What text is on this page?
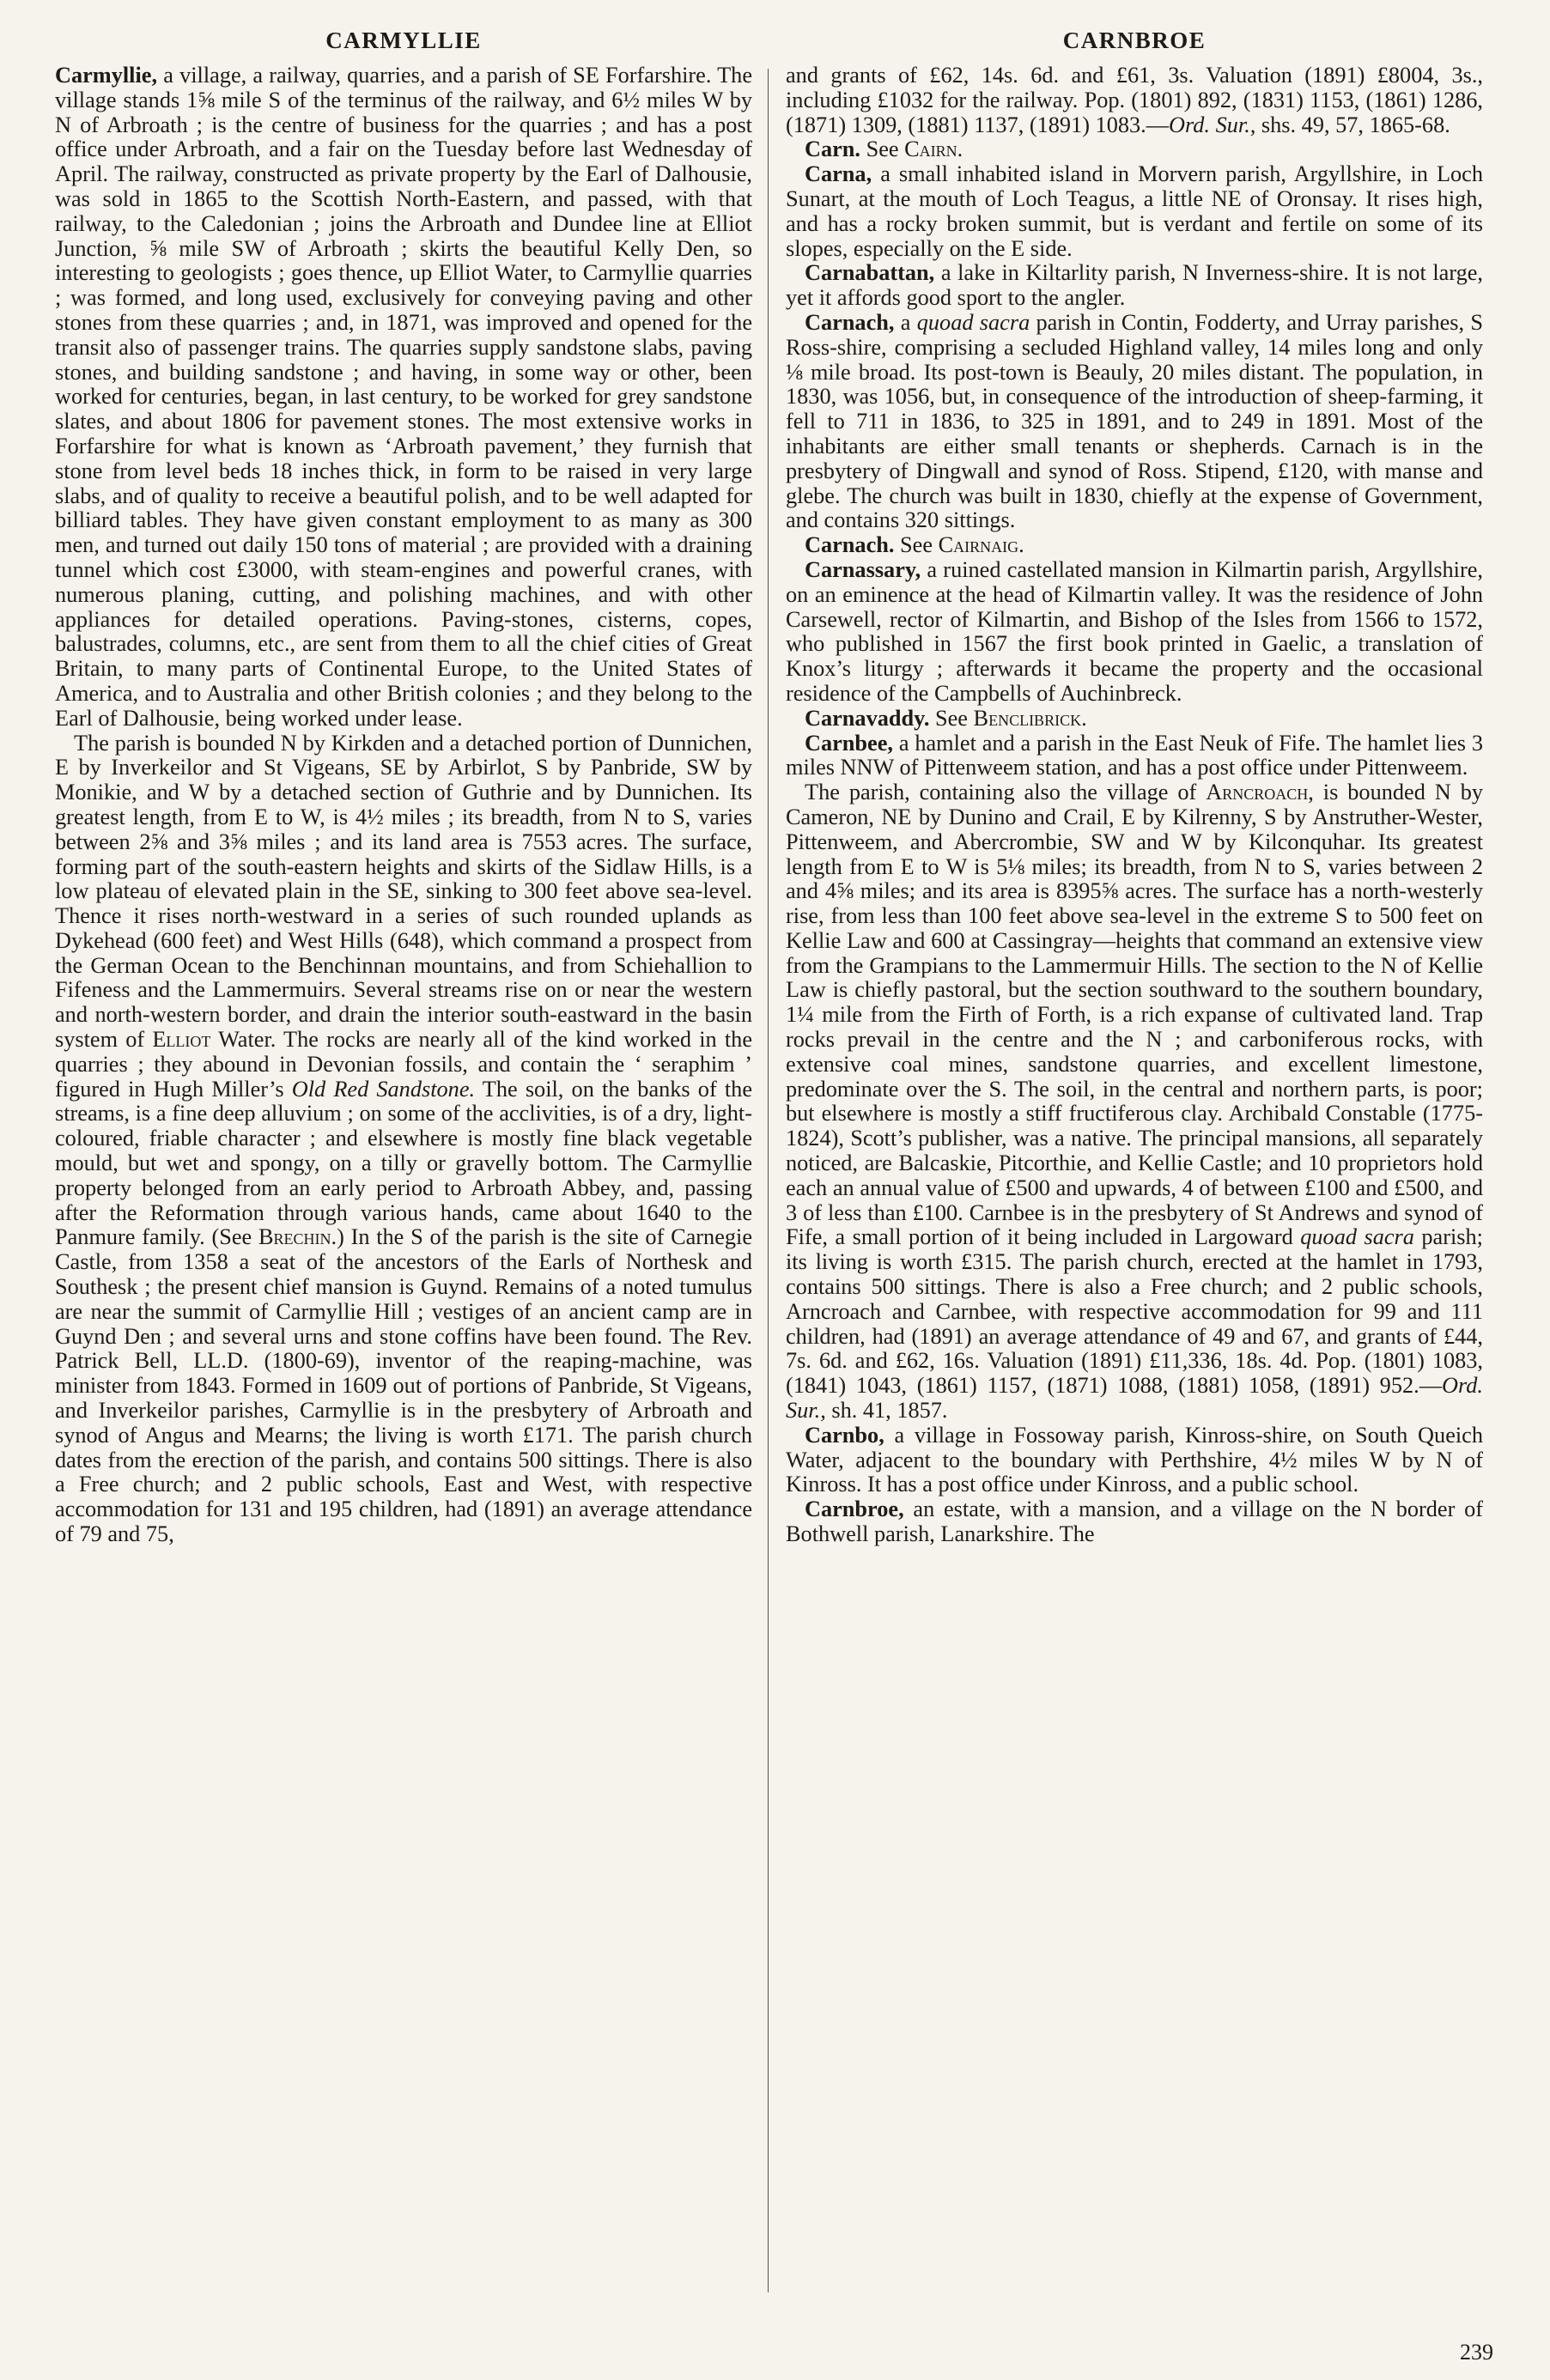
CARMYLLIE	CARNBROE

Carmyllie, a village, a railway, quarries, and a parish of SE Forfarshire. The village stands 1⅝ mile S of the terminus of the railway, and 6½ miles W by N of Arbroath ; is the centre of business for the quarries ; and has a post office under Arbroath, and a fair on the Tuesday before last Wednesday of April. The railway, constructed as private property by the Earl of Dalhousie, was sold in 1865 to the Scottish North-Eastern, and passed, with that railway, to the Caledonian ; joins the Arbroath and Dundee line at Elliot Junction, ⅝ mile SW of Arbroath ; skirts the beautiful Kelly Den, so interesting to geologists ; goes thence, up Elliot Water, to Carmyllie quarries ; was formed, and long used, exclusively for conveying paving and other stones from these quarries ; and, in 1871, was improved and opened for the transit also of passenger trains. The quarries supply sandstone slabs, paving stones, and building sandstone ; and having, in some way or other, been worked for centuries, began, in last century, to be worked for grey sandstone slates, and about 1806 for pavement stones. The most extensive works in Forfarshire for what is known as ‘Arbroath pavement,’ they furnish that stone from level beds 18 inches thick, in form to be raised in very large slabs, and of quality to receive a beautiful polish, and to be well adapted for billiard tables. They have given constant employment to as many as 300 men, and turned out daily 150 tons of material ; are provided with a draining tunnel which cost £3000, with steam-engines and powerful cranes, with numerous planing, cutting, and polishing machines, and with other appliances for detailed operations. Paving-stones, cisterns, copes, balustrades, columns, etc., are sent from them to all the chief cities of Great Britain, to many parts of Continental Europe, to the United States of America, and to Australia and other British colonies ; and they belong to the Earl of Dalhousie, being worked under lease.

The parish is bounded N by Kirkden and a detached portion of Dunnichen, E by Inverkeilor and St Vigeans, SE by Arbirlot, S by Panbride, SW by Monikie, and W by a detached section of Guthrie and by Dunnichen. Its greatest length, from E to W, is 4½ miles ; its breadth, from N to S, varies between 2⅝ and 3⅝ miles ; and its land area is 7553 acres. The surface, forming part of the south-eastern heights and skirts of the Sidlaw Hills, is a low plateau of elevated plain in the SE, sinking to 300 feet above sea-level. Thence it rises north-westward in a series of such rounded uplands as Dykehead (600 feet) and West Hills (648), which command a prospect from the German Ocean to the Benchinnan mountains, and from Schiehallion to Fifeness and the Lammermuirs. Several streams rise on or near the western and north-western border, and drain the interior south-eastward in the basin system of Elliot Water. The rocks are nearly all of the kind worked in the quarries ; they abound in Devonian fossils, and contain the ‘ seraphim ’ figured in Hugh Miller’s Old Red Sandstone. The soil, on the banks of the streams, is a fine deep alluvium ; on some of the acclivities, is of a dry, light-coloured, friable character ; and elsewhere is mostly fine black vegetable mould, but wet and spongy, on a tilly or gravelly bottom. The Carmyllie property belonged from an early period to Arbroath Abbey, and, passing after the Reformation through various hands, came about 1640 to the Panmure family. (See Brechin.) In the S of the parish is the site of Carnegie Castle, from 1358 a seat of the ancestors of the Earls of Northesk and Southesk ; the present chief mansion is Guynd. Remains of a noted tumulus are near the summit of Carmyllie Hill ; vestiges of an ancient camp are in Guynd Den ; and several urns and stone coffins have been found. The Rev. Patrick Bell, LL.D. (1800-69), inventor of the reaping-machine, was minister from 1843. Formed in 1609 out of portions of Panbride, St Vigeans, and Inverkeilor parishes, Carmyllie is in the presbytery of Arbroath and synod of Angus and Mearns; the living is worth £171. The parish church dates from the erection of the parish, and contains 500 sittings. There is also a Free church; and 2 public schools, East and West, with respective accommodation for 131 and 195 children, had (1891) an average attendance of 79 and 75,

and grants of £62, 14s. 6d. and £61, 3s. Valuation (1891) £8004, 3s., including £1032 for the railway. Pop. (1801) 892, (1831) 1153, (1861) 1286, (1871) 1309, (1881) 1137, (1891) 1083.—Ord. Sur., shs. 49, 57, 1865-68.

Carn. See Cairn.

Carna, a small inhabited island in Morvern parish, Argyllshire, in Loch Sunart, at the mouth of Loch Teagus, a little NE of Oronsay. It rises high, and has a rocky broken summit, but is verdant and fertile on some of its slopes, especially on the E side.

Carnabattan, a lake in Kiltarlity parish, N Inverness-shire. It is not large, yet it affords good sport to the angler.

Carnach, a quoad sacra parish in Contin, Fodderty, and Urray parishes, S Ross-shire, comprising a secluded Highland valley, 14 miles long and only ⅛ mile broad. Its post-town is Beauly, 20 miles distant. The population, in 1830, was 1056, but, in consequence of the introduction of sheep-farming, it fell to 711 in 1836, to 325 in 1891, and to 249 in 1891. Most of the inhabitants are either small tenants or shepherds. Carnach is in the presbytery of Dingwall and synod of Ross. Stipend, £120, with manse and glebe. The church was built in 1830, chiefly at the expense of Government, and contains 320 sittings.

Carnach. See Cairnaig.

Carnassary, a ruined castellated mansion in Kilmartin parish, Argyllshire, on an eminence at the head of Kilmartin valley. It was the residence of John Carsewell, rector of Kilmartin, and Bishop of the Isles from 1566 to 1572, who published in 1567 the first book printed in Gaelic, a translation of Knox’s liturgy ; afterwards it became the property and the occasional residence of the Campbells of Auchinbreck.

Carnavaddy. See Benclibrick.

Carnbee, a hamlet and a parish in the East Neuk of Fife. The hamlet lies 3 miles NNW of Pittenweem station, and has a post office under Pittenweem.

The parish, containing also the village of Arncroach, is bounded N by Cameron, NE by Dunino and Crail, E by Kilrenny, S by Anstruther-Wester, Pittenweem, and Abercrombie, SW and W by Kilconquhar. Its greatest length from E to W is 5⅛ miles; its breadth, from N to S, varies between 2 and 4⅝ miles; and its area is 8395⅝ acres. The surface has a north-westerly rise, from less than 100 feet above sea-level in the extreme S to 500 feet on Kellie Law and 600 at Cassingray—heights that command an extensive view from the Grampians to the Lammermuir Hills. The section to the N of Kellie Law is chiefly pastoral, but the section southward to the southern boundary, 1¼ mile from the Firth of Forth, is a rich expanse of cultivated land. Trap rocks prevail in the centre and the N ; and carboniferous rocks, with extensive coal mines, sandstone quarries, and excellent limestone, predominate over the S. The soil, in the central and northern parts, is poor; but elsewhere is mostly a stiff fructiferous clay. Archibald Constable (1775-1824), Scott’s publisher, was a native. The principal mansions, all separately noticed, are Balcaskie, Pitcorthie, and Kellie Castle; and 10 proprietors hold each an annual value of £500 and upwards, 4 of between £100 and £500, and 3 of less than £100. Carnbee is in the presbytery of St Andrews and synod of Fife, a small portion of it being included in Largoward quoad sacra parish; its living is worth £315. The parish church, erected at the hamlet in 1793, contains 500 sittings. There is also a Free church; and 2 public schools, Arncroach and Carnbee, with respective accommodation for 99 and 111 children, had (1891) an average attendance of 49 and 67, and grants of £44, 7s. 6d. and £62, 16s. Valuation (1891) £11,336, 18s. 4d. Pop. (1801) 1083, (1841) 1043, (1861) 1157, (1871) 1088, (1881) 1058, (1891) 952.—Ord. Sur., sh. 41, 1857.

Carnbo, a village in Fossoway parish, Kinross-shire, on South Queich Water, adjacent to the boundary with Perthshire, 4½ miles W by N of Kinross. It has a post office under Kinross, and a public school.

Carnbroe, an estate, with a mansion, and a village on the N border of Bothwell parish, Lanarkshire. The

239
